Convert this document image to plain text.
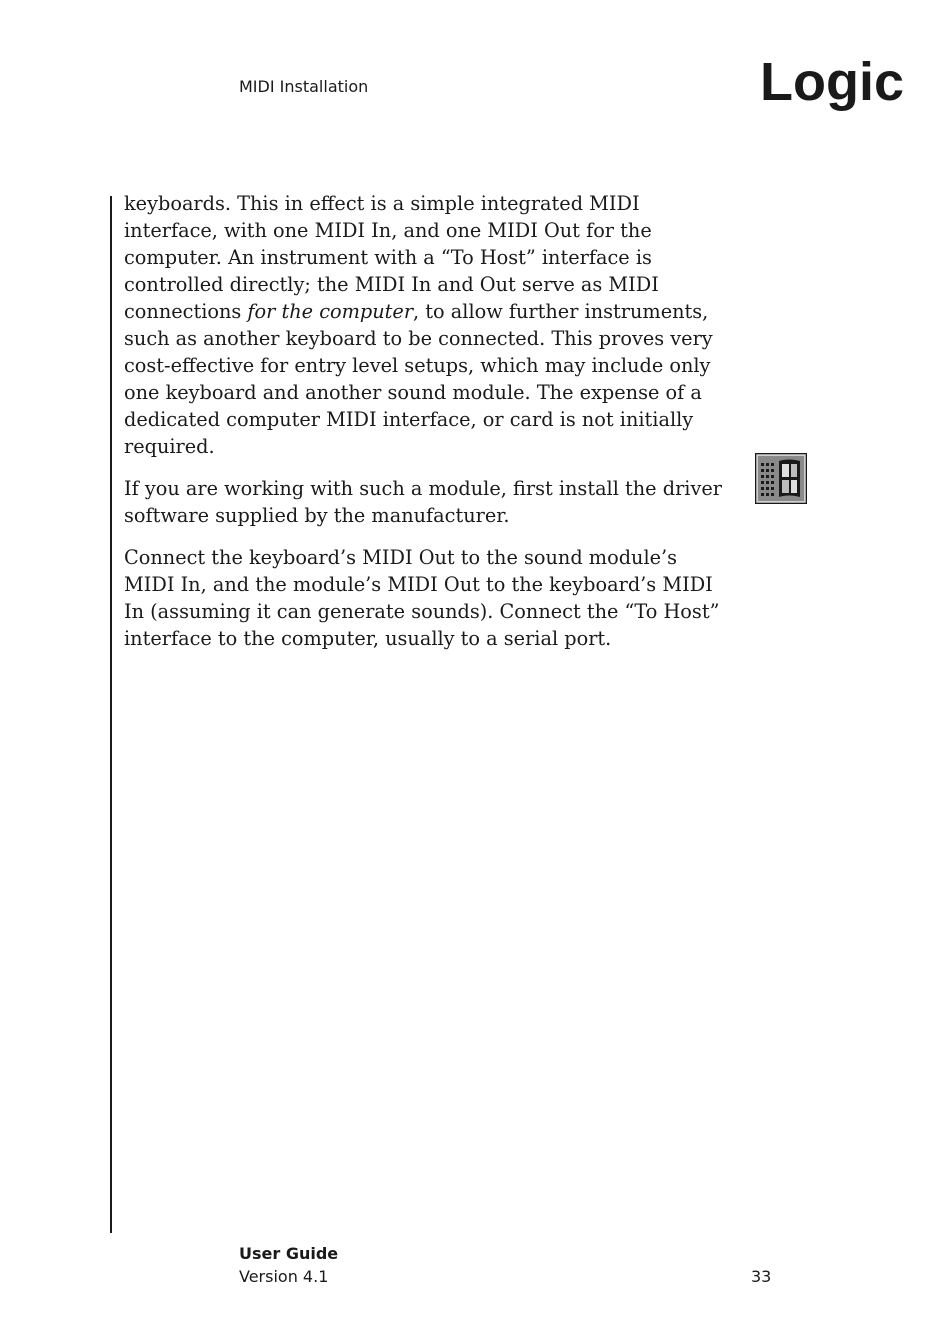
MIDI Installation	Logic

keyboards. This in effect is a simple integrated MIDI interface, with one MIDI In, and one MIDI Out for the computer. An instrument with a “To Host” interface is controlled directly; the MIDI In and Out serve as MIDI connections for the computer, to allow further instruments, such as another keyboard to be connected. This proves very cost-effective for entry level setups, which may include only one keyboard and another sound module. The expense of a dedicated computer MIDI interface, or card is not initially required.

If you are working with such a module, first install the driver software supplied by the manufacturer.

Connect the keyboard’s MIDI Out to the sound module’s MIDI In, and the module’s MIDI Out to the keyboard’s MIDI In (assuming it can generate sounds). Connect the “To Host” interface to the computer, usually to a serial port.

User Guide
Version 4.1	33
